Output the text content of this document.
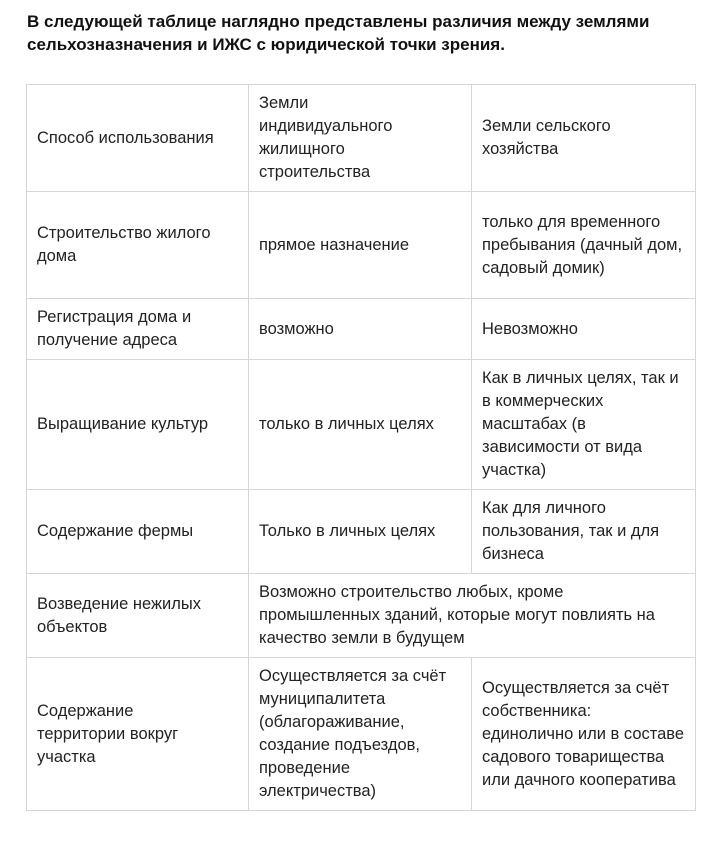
В следующей таблице наглядно представлены различия между землями сельхозназначения и ИЖС с юридической точки зрения.
Способ использования	Земли индивидуального жилищного строительства	Земли сельского хозяйства

Строительство жилого дома	прямое назначение	только для временного пребывания (дачный дом, садовый домик)

Регистрация дома и получение адреса	возможно	Невозможно

Выращивание культур	только в личных целях	Как в личных целях, так и в коммерческих масштабах (в зависимости от вида участка)

Содержание фермы	Только в личных целях	Как для личного пользования, так и для бизнеса

Возведение нежилых объектов	Возможно строительство любых, кроме промышленных зданий, которые могут повлиять на качество земли в будущем	

Содержание территории вокруг участка	Осуществляется за счёт муниципалитета (облагораживание, создание подъездов, проведение электричества)	Осуществляется за счёт собственника: единолично или в составе садового товарищества или дачного кооператива
